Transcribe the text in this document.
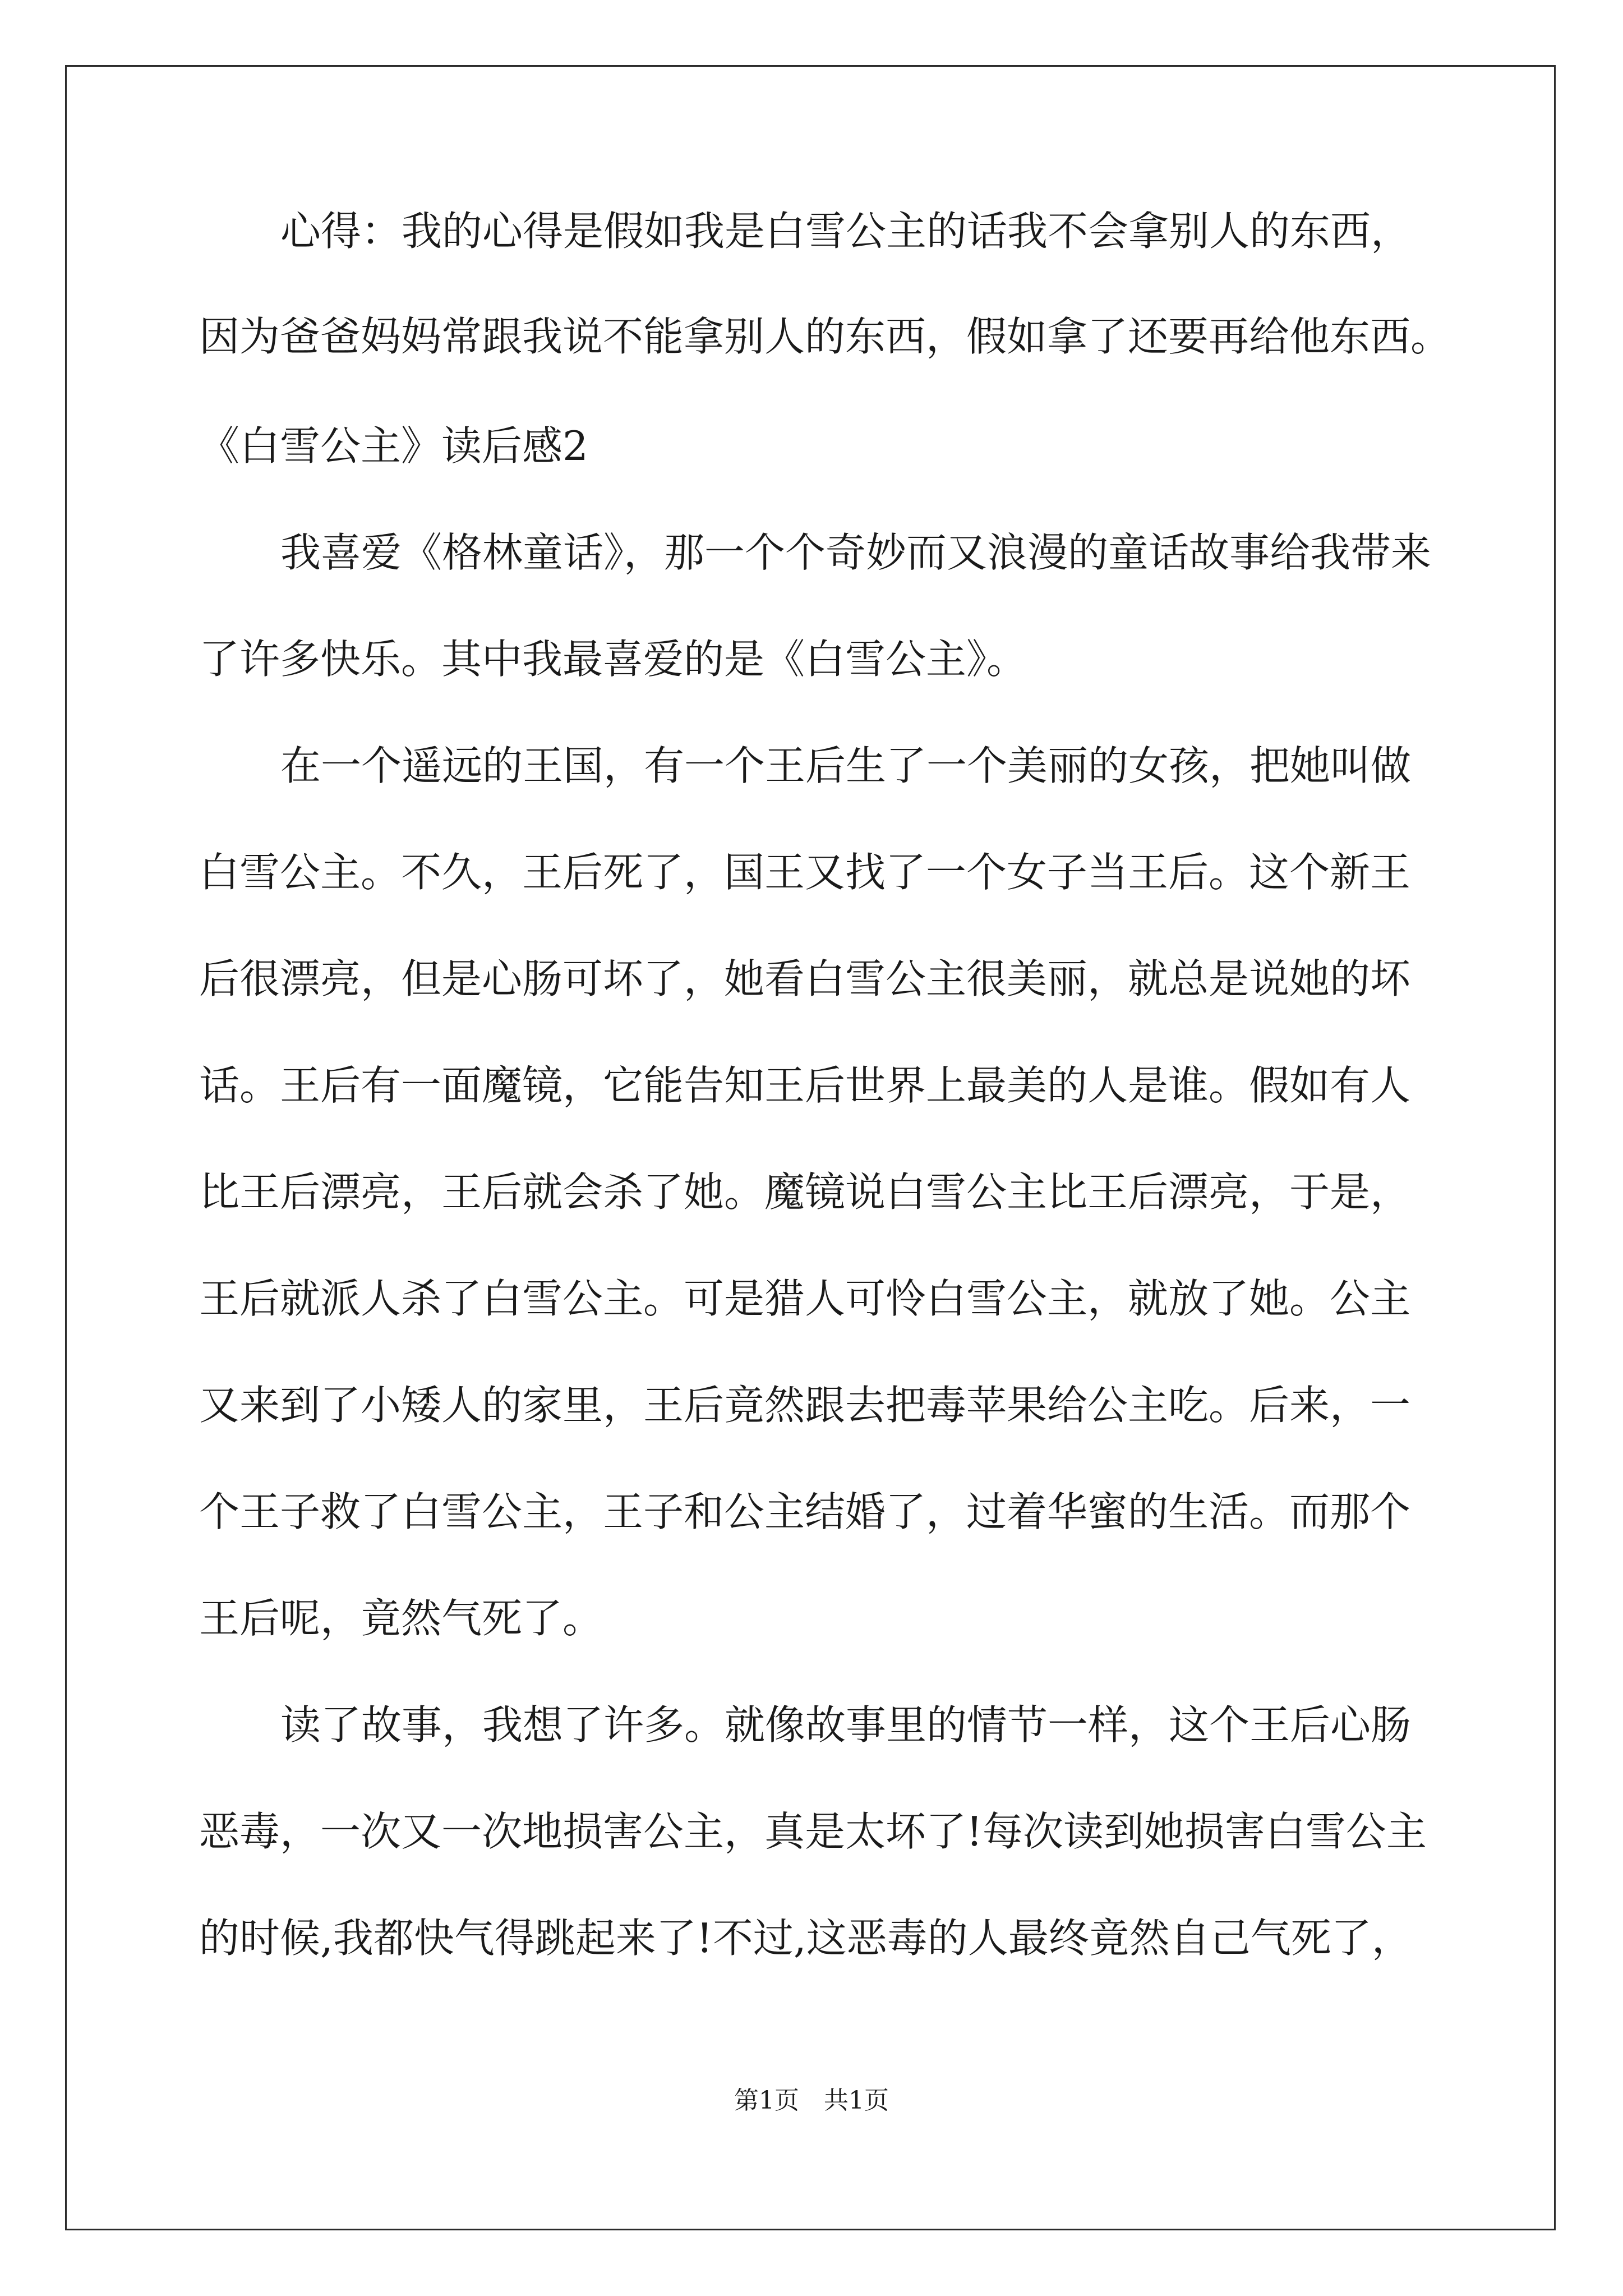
心得：我的心得是假如我是白雪公主的话我不会拿别人的东西，

因为爸爸妈妈常跟我说不能拿别人的东西，假如拿了还要再给他东西。

《白雪公主》读后感2

我喜爱《格林童话》，那一个个奇妙而又浪漫的童话故事给我带来

了许多快乐。其中我最喜爱的是《白雪公主》。

在一个遥远的王国，有一个王后生了一个美丽的女孩，把她叫做

白雪公主。不久，王后死了，国王又找了一个女子当王后。这个新王

后很漂亮，但是心肠可坏了，她看白雪公主很美丽，就总是说她的坏

话。王后有一面魔镜，它能告知王后世界上最美的人是谁。假如有人

比王后漂亮，王后就会杀了她。魔镜说白雪公主比王后漂亮，于是，

王后就派人杀了白雪公主。可是猎人可怜白雪公主，就放了她。公主

又来到了小矮人的家里，王后竟然跟去把毒苹果给公主吃。后来，一

个王子救了白雪公主，王子和公主结婚了，过着华蜜的生活。而那个

王后呢，竟然气死了。

读了故事，我想了许多。就像故事里的情节一样，这个王后心肠

恶毒，一次又一次地损害公主，真是太坏了!每次读到她损害白雪公主

的时候,我都快气得跳起来了!不过,这恶毒的人最终竟然自己气死了，

第1页　共1页
